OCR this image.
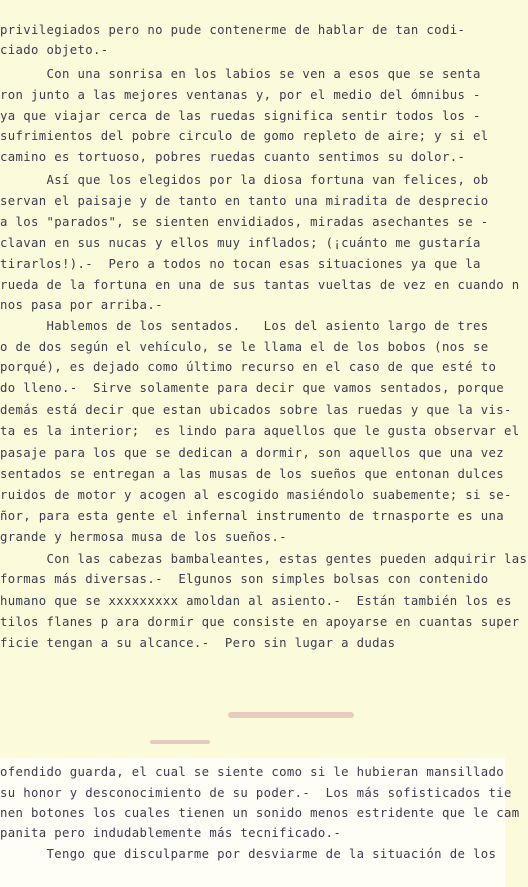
privilegiados pero no pude contenerme de hablar de tan codi-

ciado objeto.-

Con una sonrisa en los labios se ven a esos que se senta

ron junto a las mejores ventanas y, por el medio del ómnibus -

ya que viajar cerca de las ruedas significa sentir todos los -

sufrimientos del pobre circulo de gomo repleto de aire; y si el

camino es tortuoso, pobres ruedas cuanto sentimos su dolor.-

Así que los elegidos por la diosa fortuna van felices, ob

servan el paisaje y de tanto en tanto una miradita de desprecio

a los "parados", se sienten envidiados, miradas asechantes se -

clavan en sus nucas y ellos muy inflados; (¡cuánto me gustaría

tirarlos!).-  Pero a todos no tocan esas situaciones ya que la

rueda de la fortuna en una de sus tantas vueltas de vez en cuando n

nos pasa por arriba.-

Hablemos de los sentados.   Los del asiento largo de tres

o de dos según el vehículo, se le llama el de los bobos (nos se

porqué), es dejado como último recurso en el caso de que esté to

do lleno.-  Sirve solamente para decir que vamos sentados, porque

demás está decir que estan ubicados sobre las ruedas y que la vis-

ta es la interior;  es lindo para aquellos que le gusta observar el

pasaje para los que se dedican a dormir, son aquellos que una vez

sentados se entregan a las musas de los sueños que entonan dulces

ruidos de motor y acogen al escogido masiéndolo suabemente; si se-

ñor, para esta gente el infernal instrumento de trnasporte es una

grande y hermosa musa de los sueños.-

Con las cabezas bambaleantes, estas gentes pueden adquirir las

formas más diversas.-  Elgunos son simples bolsas con contenido

humano que se xxxxxxxxx amoldan al asiento.-  Están también los es

tilos flanes p ara dormir que consiste en apoyarse en cuantas super

ficie tengan a su alcance.-  Pero sin lugar a dudas

ofendido guarda, el cual se siente como si le hubieran mansillado

su honor y desconocimiento de su poder.-  Los más sofisticados tie

nen botones los cuales tienen un sonido menos estridente que le cam

panita pero indudablemente más tecnificado.-

Tengo que disculparme por desviarme de la situación de los
